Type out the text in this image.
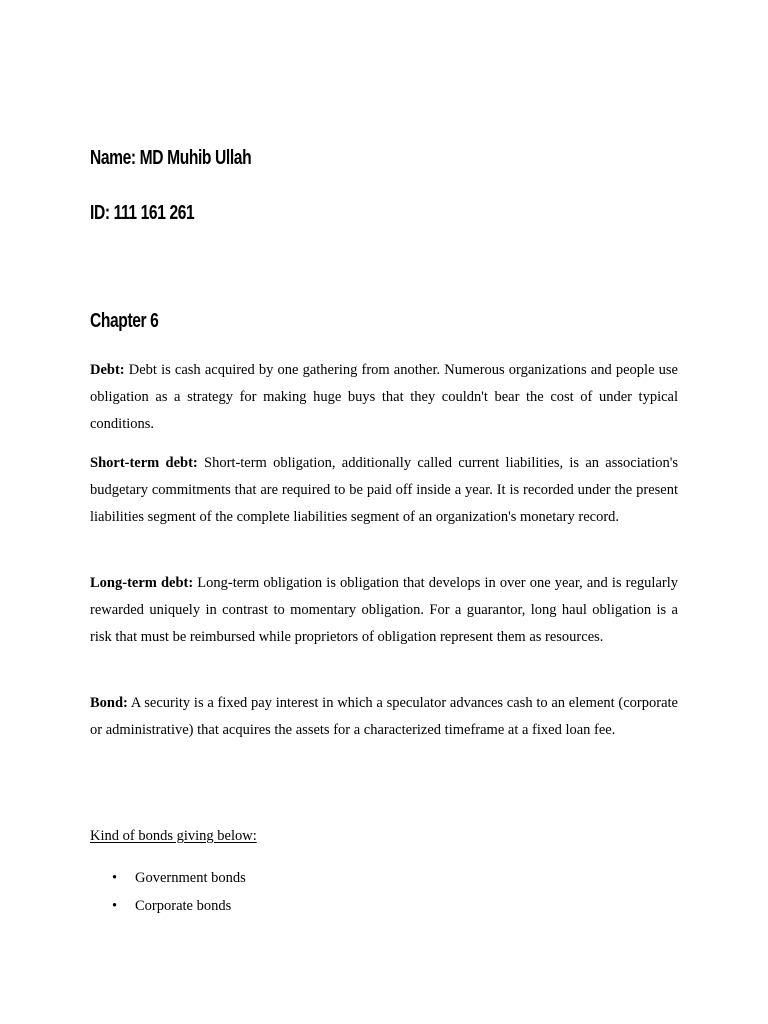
Name: MD Muhib Ullah
ID: 111 161 261
Chapter 6

Debt: Debt is cash acquired by one gathering from another. Numerous organizations and people use obligation as a strategy for making huge buys that they couldn't bear the cost of under typical conditions.

Short-term debt: Short-term obligation, additionally called current liabilities, is an association's budgetary commitments that are required to be paid off inside a year. It is recorded under the present liabilities segment of the complete liabilities segment of an organization's monetary record.

Long-term debt: Long-term obligation is obligation that develops in over one year, and is regularly rewarded uniquely in contrast to momentary obligation. For a guarantor, long haul obligation is a risk that must be reimbursed while proprietors of obligation represent them as resources.

Bond: A security is a fixed pay interest in which a speculator advances cash to an element (corporate or administrative) that acquires the assets for a characterized timeframe at a fixed loan fee.

Kind of bonds giving below:

• Government bonds
• Corporate bonds
